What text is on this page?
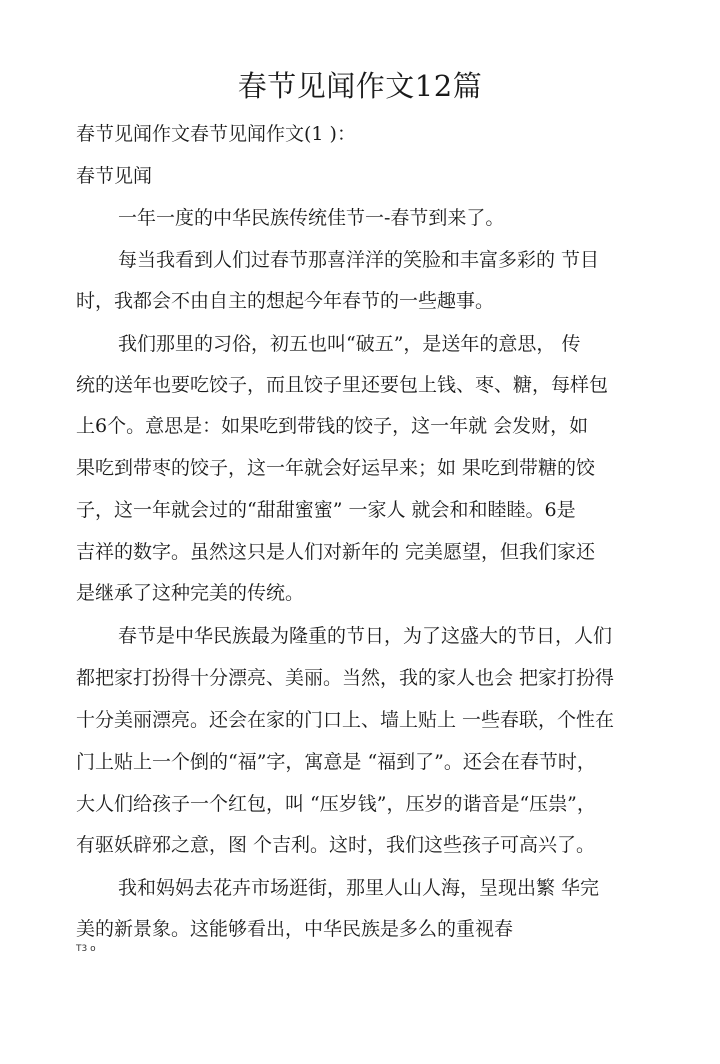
春节见闻作文12篇
春节见闻作文春节见闻作文(1 )：
春节见闻
一年一度的中华民族传统佳节一-春节到来了。
每当我看到人们过春节那喜洋洋的笑脸和丰富多彩的 节目
时，我都会不由自主的想起今年春节的一些趣事。
我们那里的习俗，初五也叫“破五”，是送年的意思， 传
统的送年也要吃饺子，而且饺子里还要包上钱、枣、糖，每样包
上6个。意思是：如果吃到带钱的饺子，这一年就 会发财，如
果吃到带枣的饺子，这一年就会好运早来；如 果吃到带糖的饺
子，这一年就会过的“甜甜蜜蜜” 一家人 就会和和睦睦。6是
吉祥的数字。虽然这只是人们对新年的 完美愿望，但我们家还
是继承了这种完美的传统。
春节是中华民族最为隆重的节日，为了这盛大的节日，人们
都把家打扮得十分漂亮、美丽。当然，我的家人也会 把家打扮得
十分美丽漂亮。还会在家的门口上、墙上贴上 一些春联，个性在
门上贴上一个倒的“福”字，寓意是 “福到了”。还会在春节时，
大人们给孩子一个红包，叫 “压岁钱”，压岁的谐音是“压祟”，
有驱妖辟邪之意，图 个吉利。这时，我们这些孩子可高兴了。
我和妈妈去花卉市场逛街，那里人山人海，呈现出繁 华完
美的新景象。这能够看出，中华民族是多么的重视春
T3 o
